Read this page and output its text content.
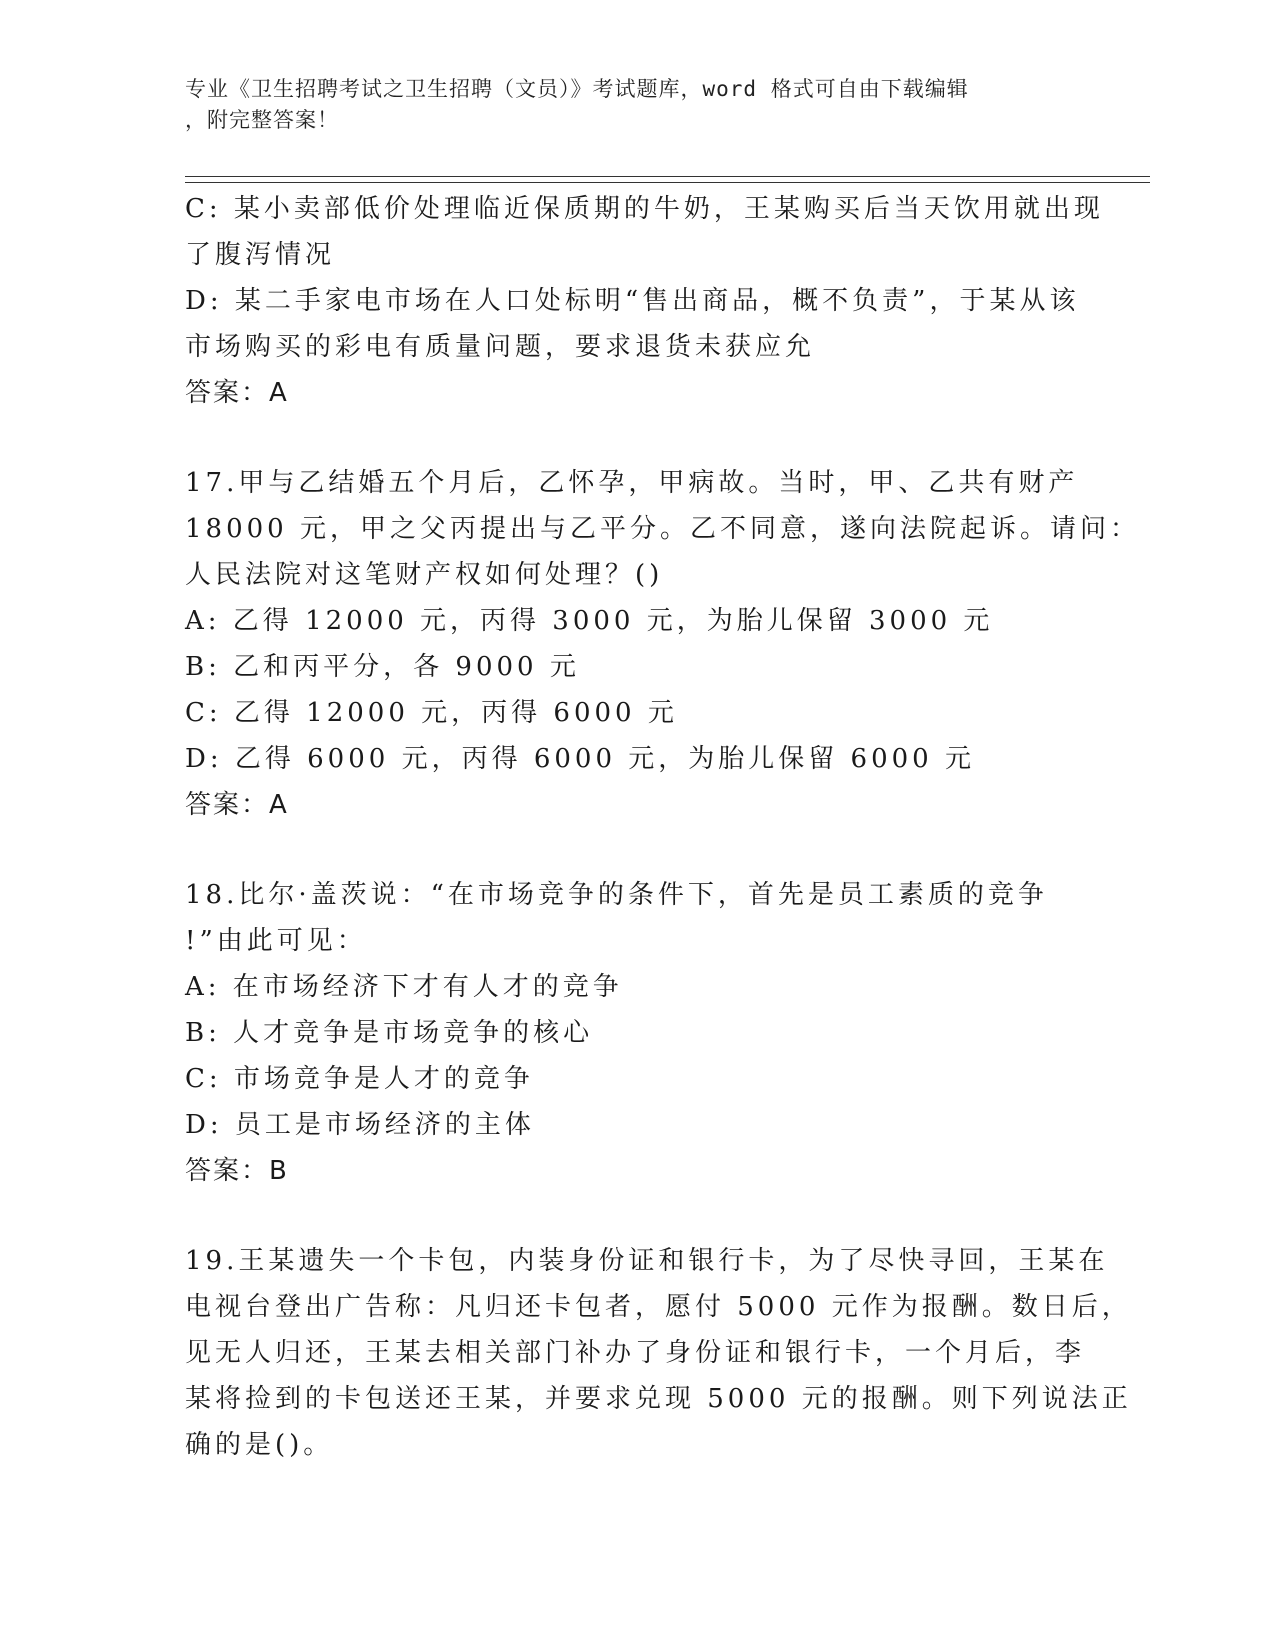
专业《卫生招聘考试之卫生招聘（文员）》考试题库，word 格式可自由下载编辑
，附完整答案！
C: 某小卖部低价处理临近保质期的牛奶，王某购买后当天饮用就出现
了腹泻情况
D: 某二手家电市场在人口处标明“售出商品，概不负责”，于某从该
市场购买的彩电有质量问题，要求退货未获应允
答案：A
17.甲与乙结婚五个月后，乙怀孕，甲病故。当时，甲、乙共有财产
18000 元，甲之父丙提出与乙平分。乙不同意，遂向法院起诉。请问：
人民法院对这笔财产权如何处理？()
A: 乙得 12000 元，丙得 3000 元，为胎儿保留 3000 元
B: 乙和丙平分，各 9000 元
C: 乙得 12000 元，丙得 6000 元
D: 乙得 6000 元，丙得 6000 元，为胎儿保留 6000 元
答案：A
18.比尔·盖茨说：“在市场竞争的条件下，首先是员工素质的竞争
!”由此可见：
A: 在市场经济下才有人才的竞争
B: 人才竞争是市场竞争的核心
C: 市场竞争是人才的竞争
D: 员工是市场经济的主体
答案：B
19.王某遗失一个卡包，内装身份证和银行卡，为了尽快寻回，王某在
电视台登出广告称：凡归还卡包者，愿付 5000 元作为报酬。数日后，
见无人归还，王某去相关部门补办了身份证和银行卡，一个月后，李
某将捡到的卡包送还王某，并要求兑现 5000 元的报酬。则下列说法正
确的是()。
